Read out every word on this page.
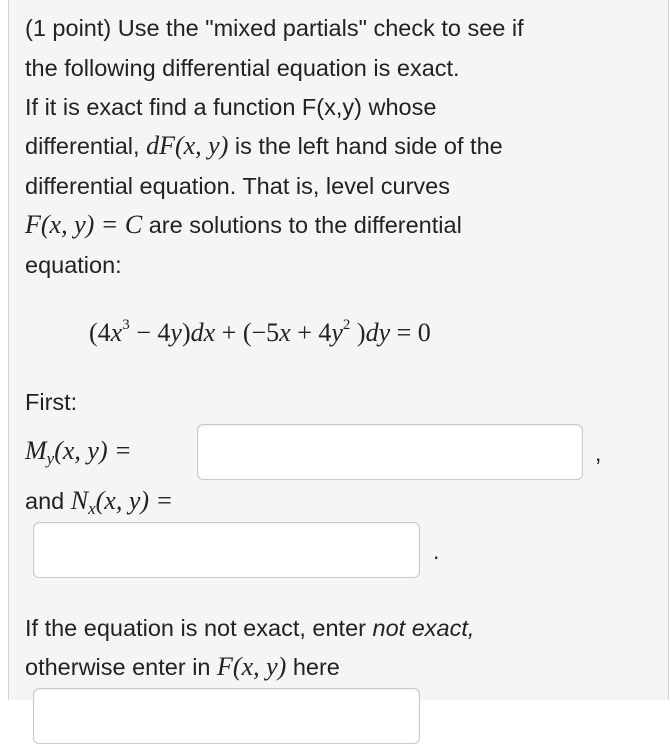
(1 point) Use the "mixed partials" check to see if
the following differential equation is exact.
If it is exact find a function F(x,y) whose
differential, dF(x, y) is the left hand side of the
differential equation. That is, level curves
F(x, y) = C are solutions to the differential
equation:
$(4x^3 - 4y)dx + (-5x + 4y^2$ )dy = 0
First:
$M_y(x$, y) =	,
and $N_x(x$, y) =
.
If the equation is not exact, enter not exact,
otherwise enter in F(x, y) here
